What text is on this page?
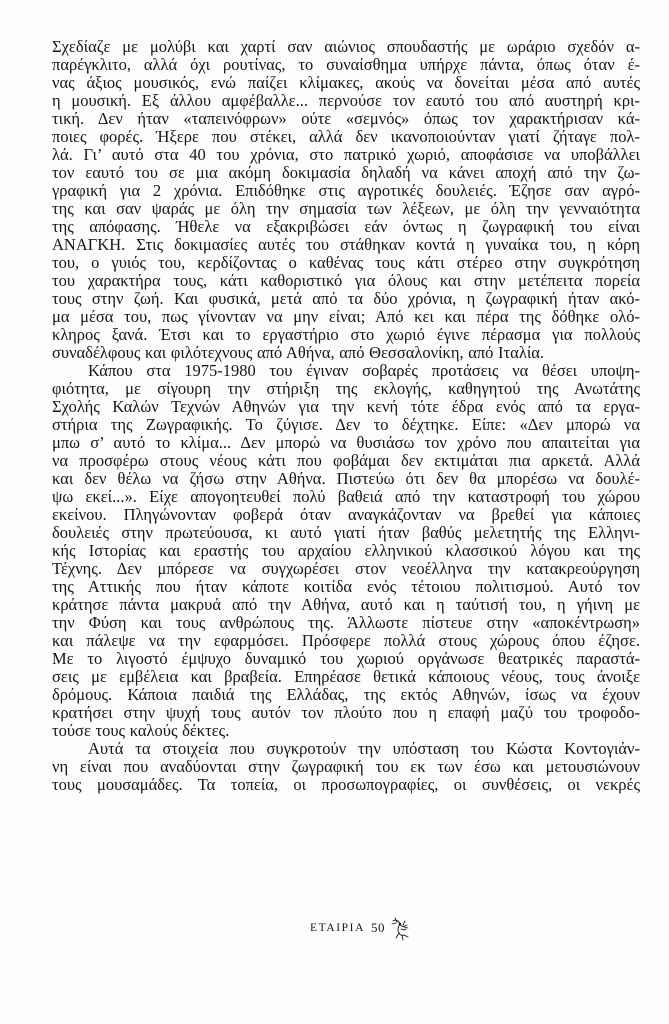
Σχεδίαζε με μολύβι και χαρτί σαν αιώνιος σπουδαστής με ωράριο σχεδόν α-
παρέγκλιτο, αλλά όχι ρουτίνας, το συναίσθημα υπήρχε πάντα, όπως όταν έ-
νας άξιος μουσικός, ενώ παίζει κλίμακες, ακούς να δονείται μέσα από αυτές
η μουσική. Εξ άλλου αμφέβαλλε... περνούσε τον εαυτό του από αυστηρή κρι-
τική. Δεν ήταν «ταπεινόφρων» ούτε «σεμνός» όπως τον χαρακτήρισαν κά-
ποιες φορές. Ήξερε που στέκει, αλλά δεν ικανοποιούνταν γιατί ζήταγε πολ-
λά. Γι’ αυτό στα 40 του χρόνια, στο πατρικό χωριό, αποφάσισε να υποβάλλει
τον εαυτό του σε μια ακόμη δοκιμασία δηλαδή να κάνει αποχή από την ζω-
γραφική για 2 χρόνια. Επιδόθηκε στις αγροτικές δουλειές. Έζησε σαν αγρό-
της και σαν ψαράς με όλη την σημασία των λέξεων, με όλη την γενναιότητα
της απόφασης. Ήθελε να εξακριβώσει εάν όντως η ζωγραφική του είναι
ΑΝΑΓΚΗ. Στις δοκιμασίες αυτές του στάθηκαν κοντά η γυναίκα του, η κόρη
του, ο γυιός του, κερδίζοντας ο καθένας τους κάτι στέρεο στην συγκρότηση
του χαρακτήρα τους, κάτι καθοριστικό για όλους και στην μετέπειτα πορεία
τους στην ζωή. Και φυσικά, μετά από τα δύο χρόνια, η ζωγραφική ήταν ακό-
μα μέσα του, πως γίνονταν να μην είναι; Από κει και πέρα της δόθηκε ολό-
κληρος ξανά. Έτσι και το εργαστήριο στο χωριό έγινε πέρασμα για πολλούς
συναδέλφους και φιλότεχνους από Αθήνα, από Θεσσαλονίκη, από Ιταλία.
Κάπου στα 1975-1980 του έγιναν σοβαρές προτάσεις να θέσει υποψη-
φιότητα, με σίγουρη την στήριξη της εκλογής, καθηγητού της Ανωτάτης
Σχολής Καλών Τεχνών Αθηνών για την κενή τότε έδρα ενός από τα εργα-
στήρια της Ζωγραφικής. Το ζύγισε. Δεν το δέχτηκε. Είπε: «Δεν μπορώ να
μπω σ’ αυτό το κλίμα... Δεν μπορώ να θυσιάσω τον χρόνο που απαιτείται για
να προσφέρω στους νέους κάτι που φοβάμαι δεν εκτιμάται πια αρκετά. Αλλά
και δεν θέλω να ζήσω στην Αθήνα. Πιστεύω ότι δεν θα μπορέσω να δουλέ-
ψω εκεί...». Είχε απογοητευθεί πολύ βαθειά από την καταστροφή του χώρου
εκείνου. Πληγώνονταν φοβερά όταν αναγκάζονταν να βρεθεί για κάποιες
δουλειές στην πρωτεύουσα, κι αυτό γιατί ήταν βαθύς μελετητής της Ελληνι-
κής Ιστορίας και εραστής του αρχαίου ελληνικού κλασσικού λόγου και της
Τέχνης. Δεν μπόρεσε να συγχωρέσει στον νεοέλληνα την κατακρεούργηση
της Αττικής που ήταν κάποτε κοιτίδα ενός τέτοιου πολιτισμού. Αυτό τον
κράτησε πάντα μακρυά από την Αθήνα, αυτό και η ταύτισή του, η γήινη με
την Φύση και τους ανθρώπους της. Άλλωστε πίστευε στην «αποκέντρωση»
και πάλεψε να την εφαρμόσει. Πρόσφερε πολλά στους χώρους όπου έζησε.
Με το λιγοστό έμψυχο δυναμικό του χωριού οργάνωσε θεατρικές παραστά-
σεις με εμβέλεια και βραβεία. Επηρέασε θετικά κάποιους νέους, τους άνοιξε
δρόμους. Κάποια παιδιά της Ελλάδας, της εκτός Αθηνών, ίσως να έχουν
κρατήσει στην ψυχή τους αυτόν τον πλούτο που η επαφή μαζύ του τροφοδο-
τούσε τους καλούς δέκτες.
Αυτά τα στοιχεία που συγκροτούν την υπόσταση του Κώστα Κοντογιάν-
νη είναι που αναδύονται στην ζωγραφική του εκ των έσω και μετουσιώνουν
τους μουσαμάδες. Τα τοπεία, οι προσωπογραφίες, οι συνθέσεις, οι νεκρές
ΕΤΑΙΡΙΑ 50
